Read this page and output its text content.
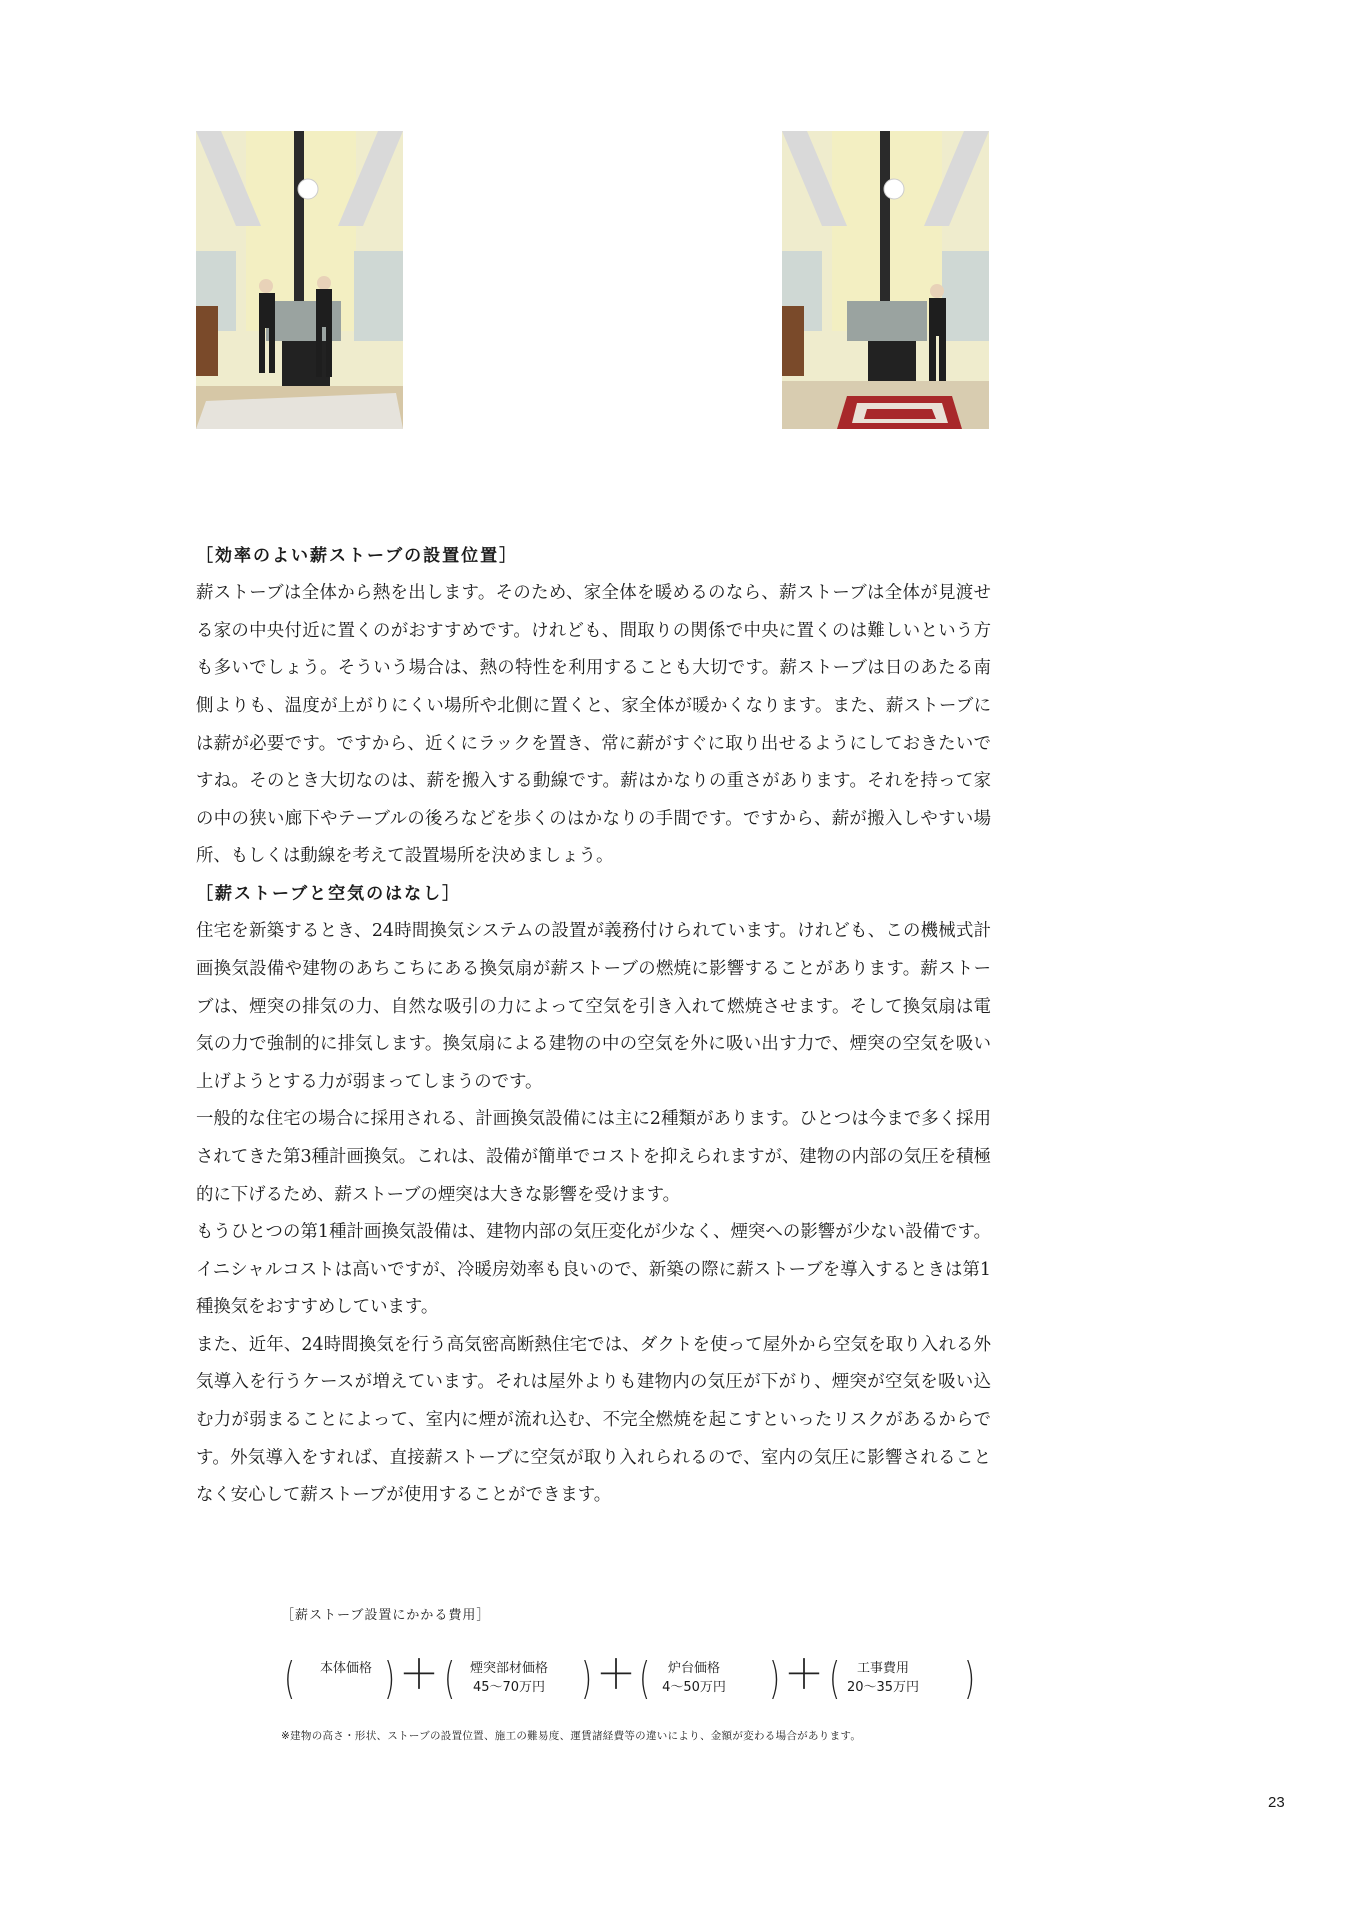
［効率のよい薪ストーブの設置位置］

薪ストーブは全体から熱を出します。そのため、家全体を暖めるのなら、薪ストーブは全体が見渡せる家の中央付近に置くのがおすすめです。けれども、間取りの関係で中央に置くのは難しいという方も多いでしょう。そういう場合は、熱の特性を利用することも大切です。薪ストーブは日のあたる南側よりも、温度が上がりにくい場所や北側に置くと、家全体が暖かくなります。また、薪ストーブには薪が必要です。ですから、近くにラックを置き、常に薪がすぐに取り出せるようにしておきたいですね。そのとき大切なのは、薪を搬入する動線です。薪はかなりの重さがあります。それを持って家の中の狭い廊下やテーブルの後ろなどを歩くのはかなりの手間です。ですから、薪が搬入しやすい場所、もしくは動線を考えて設置場所を決めましょう。

［薪ストーブと空気のはなし］

住宅を新築するとき、24時間換気システムの設置が義務付けられています。けれども、この機械式計画換気設備や建物のあちこちにある換気扇が薪ストーブの燃焼に影響することがあります。薪ストーブは、煙突の排気の力、自然な吸引の力によって空気を引き入れて燃焼させます。そして換気扇は電気の力で強制的に排気します。換気扇による建物の中の空気を外に吸い出す力で、煙突の空気を吸い上げようとする力が弱まってしまうのです。

一般的な住宅の場合に採用される、計画換気設備には主に2種類があります。ひとつは今まで多く採用されてきた第3種計画換気。これは、設備が簡単でコストを抑えられますが、建物の内部の気圧を積極的に下げるため、薪ストーブの煙突は大きな影響を受けます。

もうひとつの第1種計画換気設備は、建物内部の気圧変化が少なく、煙突への影響が少ない設備です。イニシャルコストは高いですが、冷暖房効率も良いので、新築の際に薪ストーブを導入するときは第1種換気をおすすめしています。

また、近年、24時間換気を行う高気密高断熱住宅では、ダクトを使って屋外から空気を取り入れる外気導入を行うケースが増えています。それは屋外よりも建物内の気圧が下がり、煙突が空気を吸い込む力が弱まることによって、室内に煙が流れ込む、不完全燃焼を起こすといったリスクがあるからです。外気導入をすれば、直接薪ストーブに空気が取り入れられるので、室内の気圧に影響されることなく安心して薪ストーブが使用することができます。

［薪ストーブ設置にかかる費用］
(	本体価格 ) ＋ (	煙突部材価格
45〜70万円 ) ＋ (	炉台価格
4〜50万円 ) ＋ (	工事費用
20〜35万円	)
※建物の高さ・形状、ストーブの設置位置、施工の難易度、運賃諸経費等の違いにより、金額が変わる場合があります。
23
